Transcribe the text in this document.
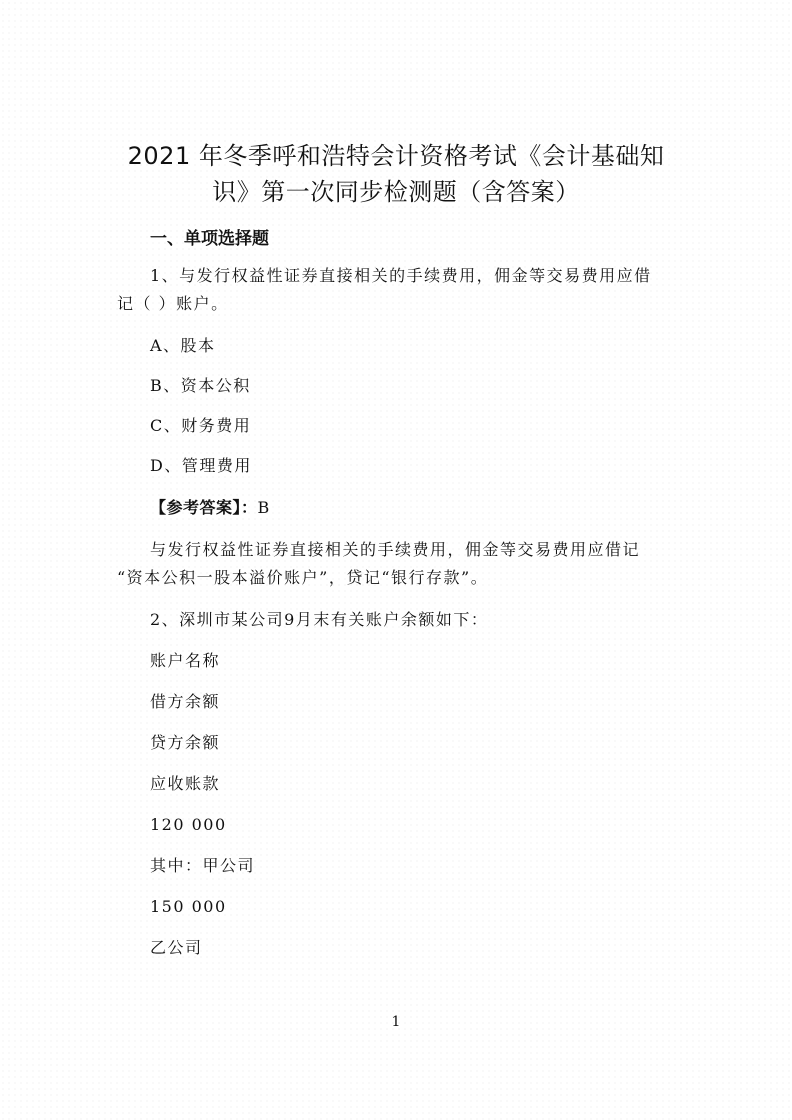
2021 年冬季呼和浩特会计资格考试《会计基础知
识》第一次同步检测题（含答案）
一、单项选择题
1、与发行权益性证券直接相关的手续费用，佣金等交易费用应借
记（ ）账户。
A、股本
B、资本公积
C、财务费用
D、管理费用
【参考答案】：B
与发行权益性证券直接相关的手续费用，佣金等交易费用应借记
“资本公积一股本溢价账户”，贷记“银行存款”。
2、深圳市某公司9月末有关账户余额如下：
账户名称
借方余额
贷方余额
应收账款
120 000
其中：甲公司
150 000
乙公司
1
